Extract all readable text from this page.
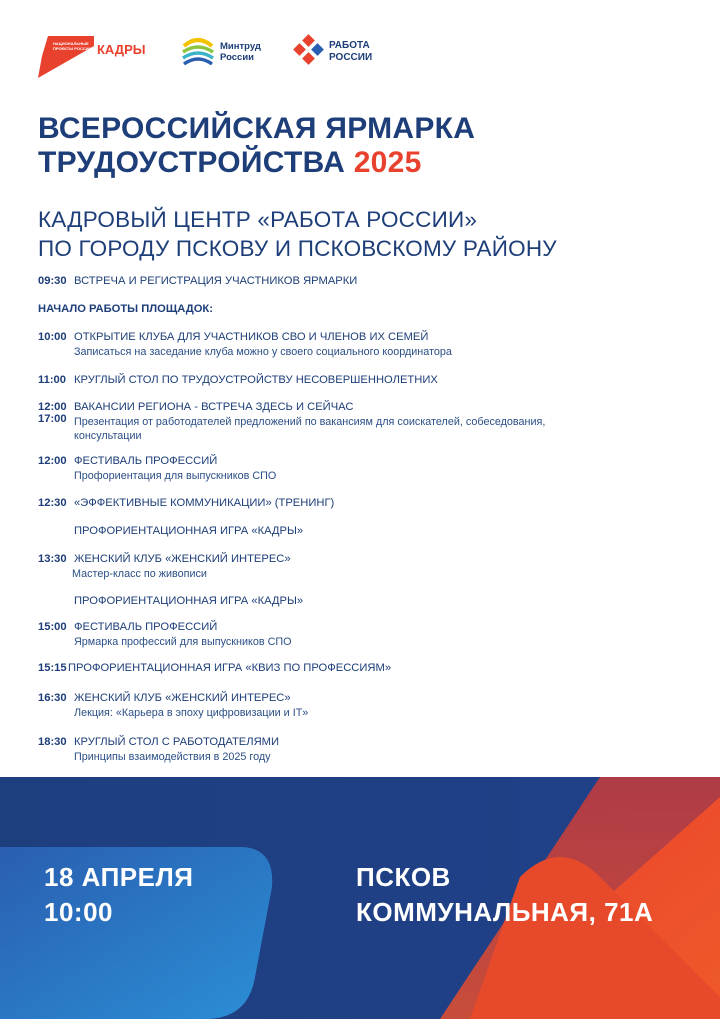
НАЦИОНАЛЬНЫЕ ПРОЕКТЫ РОССИИ КАДРЫ	Минтруд
России
РАБОТА
РОССИИ
ВСЕРОССИЙСКАЯ ЯРМАРКА
ТРУДОУСТРОЙСТВА 2025
КАДРОВЫЙ ЦЕНТР «РАБОТА РОССИИ»
ПО ГОРОДУ ПСКОВУ И ПСКОВСКОМУ РАЙОНУ
09:30 ВСТРЕЧА И РЕГИСТРАЦИЯ УЧАСТНИКОВ ЯРМАРКИ
НАЧАЛО РАБОТЫ ПЛОЩАДОК:
10:00 ОТКРЫТИЕ КЛУБА ДЛЯ УЧАСТНИКОВ СВО И ЧЛЕНОВ ИХ СЕМЕЙ
Записаться на заседание клуба можно у своего социального координатора
11:00 КРУГЛЫЙ СТОЛ ПО ТРУДОУСТРОЙСТВУ НЕСОВЕРШЕННОЛЕТНИХ
12:00
17:00
ВАКАНСИИ РЕГИОНА - ВСТРЕЧА ЗДЕСЬ И СЕЙЧАС
Презентация от работодателей предложений по вакансиям для соискателей, собеседования, консультации
12:00 ФЕСТИВАЛЬ ПРОФЕССИЙ
Профориентация для выпускников СПО
12:30 «ЭФФЕКТИВНЫЕ КОММУНИКАЦИИ» (ТРЕНИНГ)
ПРОФОРИЕНТАЦИОННАЯ ИГРА «КАДРЫ»
13:30 ЖЕНСКИЙ КЛУБ «ЖЕНСКИЙ ИНТЕРЕС»
Мастер-класс по живописи
ПРОФОРИЕНТАЦИОННАЯ ИГРА «КАДРЫ»
15:00 ФЕСТИВАЛЬ ПРОФЕССИЙ
Ярмарка профессий для выпускников СПО
15:15 ПРОФОРИЕНТАЦИОННАЯ ИГРА «КВИЗ ПО ПРОФЕССИЯМ»
16:30 ЖЕНСКИЙ КЛУБ «ЖЕНСКИЙ ИНТЕРЕС»
Лекция: «Карьера в эпоху цифровизации и IT»
18:30 КРУГЛЫЙ СТОЛ С РАБОТОДАТЕЛЯМИ
Принципы взаимодействия в 2025 году
18 АПРЕЛЯ
10:00
ПСКОВ
КОММУНАЛЬНАЯ, 71А
